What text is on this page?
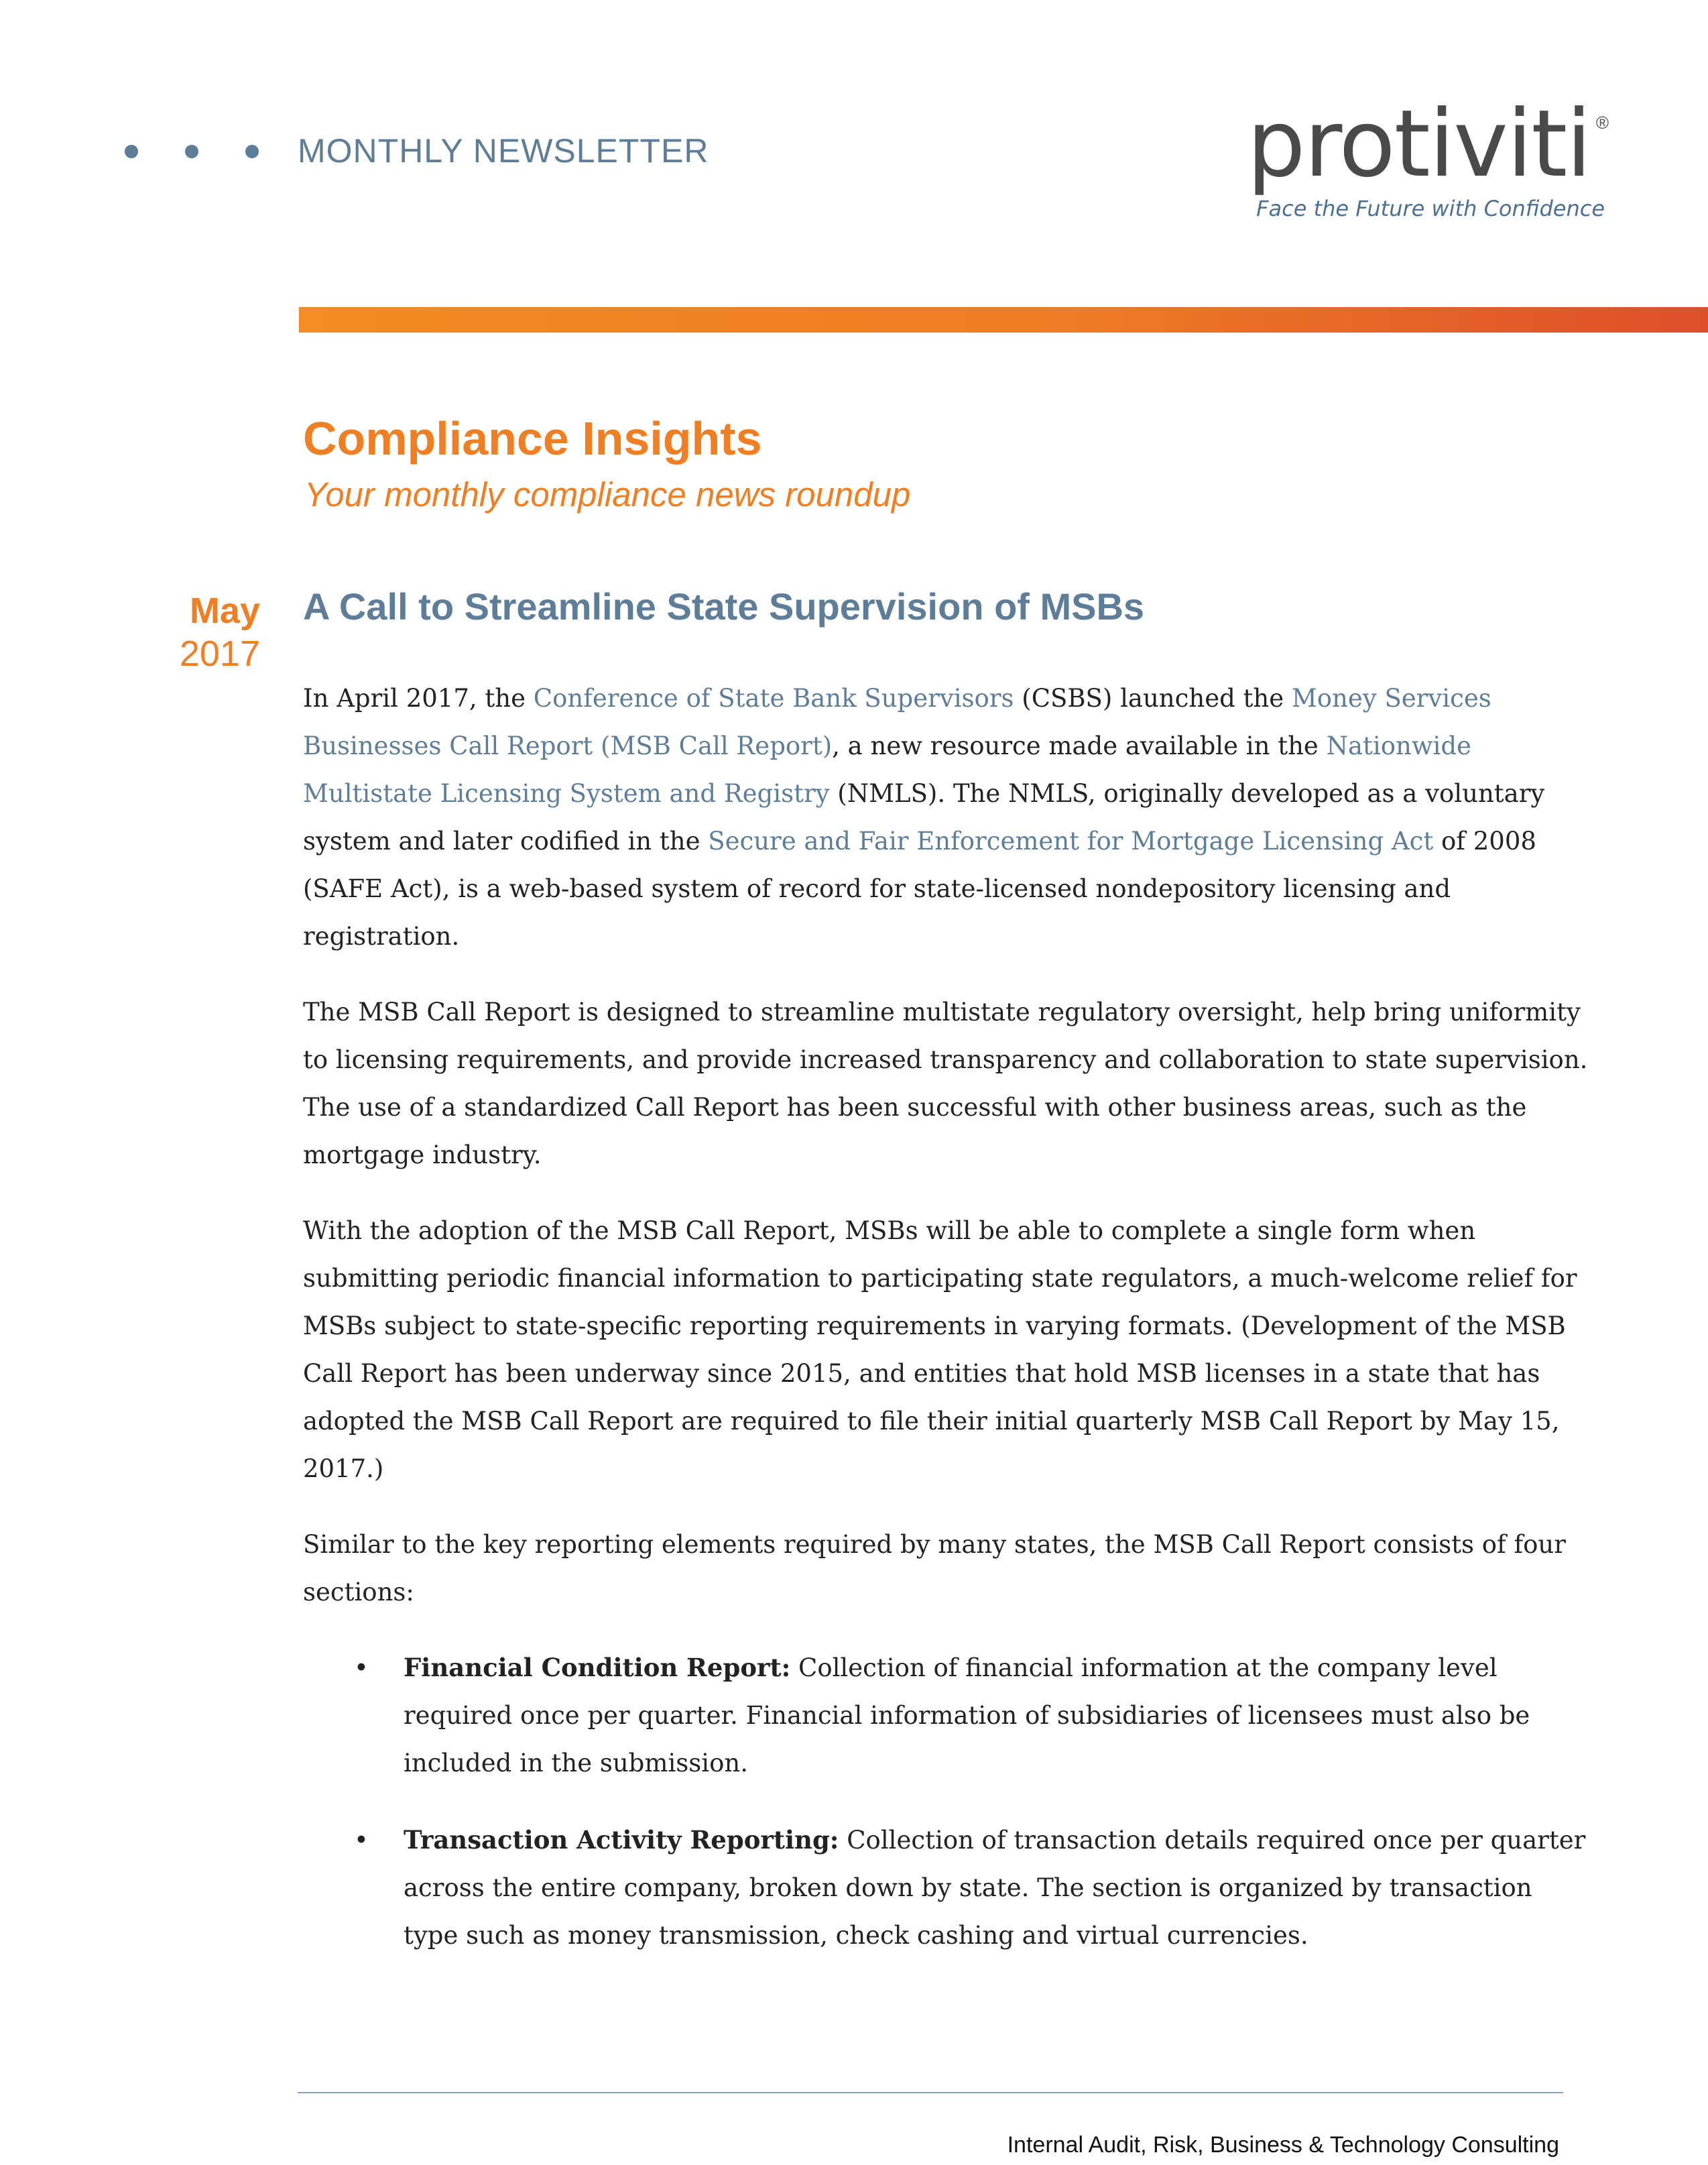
MONTHLY NEWSLETTER	protiviti ®
Face the Future with Confidence
Compliance Insights
Your monthly compliance news roundup
May
2017
A Call to Streamline State Supervision of MSBs

In April 2017, the Conference of State Bank Supervisors (CSBS) launched the Money Services Businesses Call Report (MSB Call Report), a new resource made available in the Nationwide Multistate Licensing System and Registry (NMLS). The NMLS, originally developed as a voluntary system and later codified in the Secure and Fair Enforcement for Mortgage Licensing Act of 2008 (SAFE Act), is a web-based system of record for state-licensed nondepository licensing and registration.

The MSB Call Report is designed to streamline multistate regulatory oversight, help bring uniformity to licensing requirements, and provide increased transparency and collaboration to state supervision. The use of a standardized Call Report has been successful with other business areas, such as the mortgage industry.

With the adoption of the MSB Call Report, MSBs will be able to complete a single form when submitting periodic financial information to participating state regulators, a much-welcome relief for MSBs subject to state-specific reporting requirements in varying formats. (Development of the MSB Call Report has been underway since 2015, and entities that hold MSB licenses in a state that has adopted the MSB Call Report are required to file their initial quarterly MSB Call Report by May 15, 2017.)

Similar to the key reporting elements required by many states, the MSB Call Report consists of four sections:

• Financial Condition Report: Collection of financial information at the company level required once per quarter. Financial information of subsidiaries of licensees must also be included in the submission.
• Transaction Activity Reporting: Collection of transaction details required once per quarter across the entire company, broken down by state. The section is organized by transaction type such as money transmission, check cashing and virtual currencies.
Internal Audit, Risk, Business & Technology Consulting
